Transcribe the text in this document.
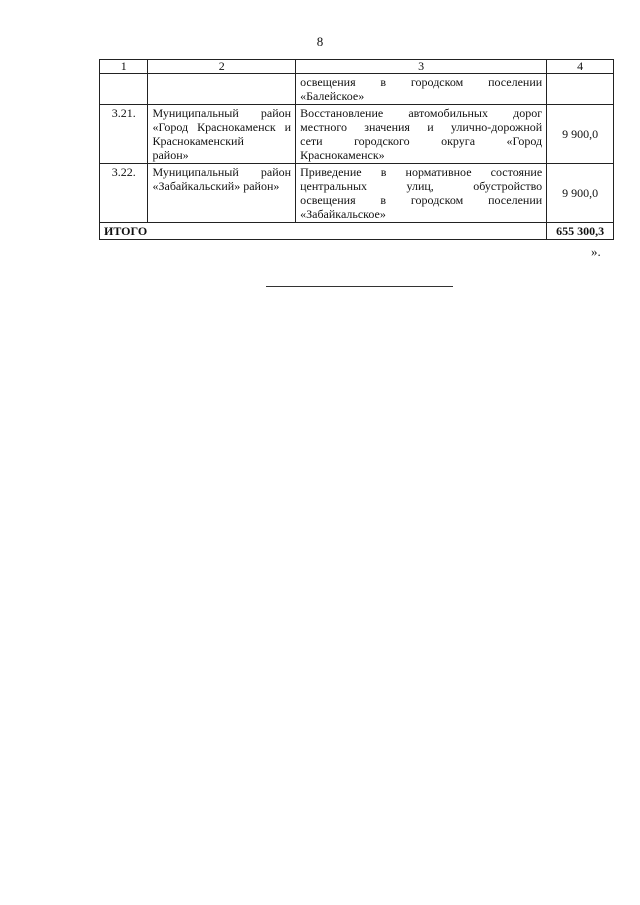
8
1	2	3	4

		освещения в городском поселении
«Балейское»	

3.21.	Муниципальный район
«Город Краснокаменск и
Краснокаменский
район»	Восстановление автомобильных дорог
местного значения и улично-дорожной
сети городского округа «Город
Краснокаменск»	9 900,0
3.22.	Муниципальный район
«Забайкальский» район»	Приведение в нормативное состояние
центральных улиц, обустройство
освещения в городском поселении
«Забайкальское»	9 900,0
ИТОГО			655 300,3
».
